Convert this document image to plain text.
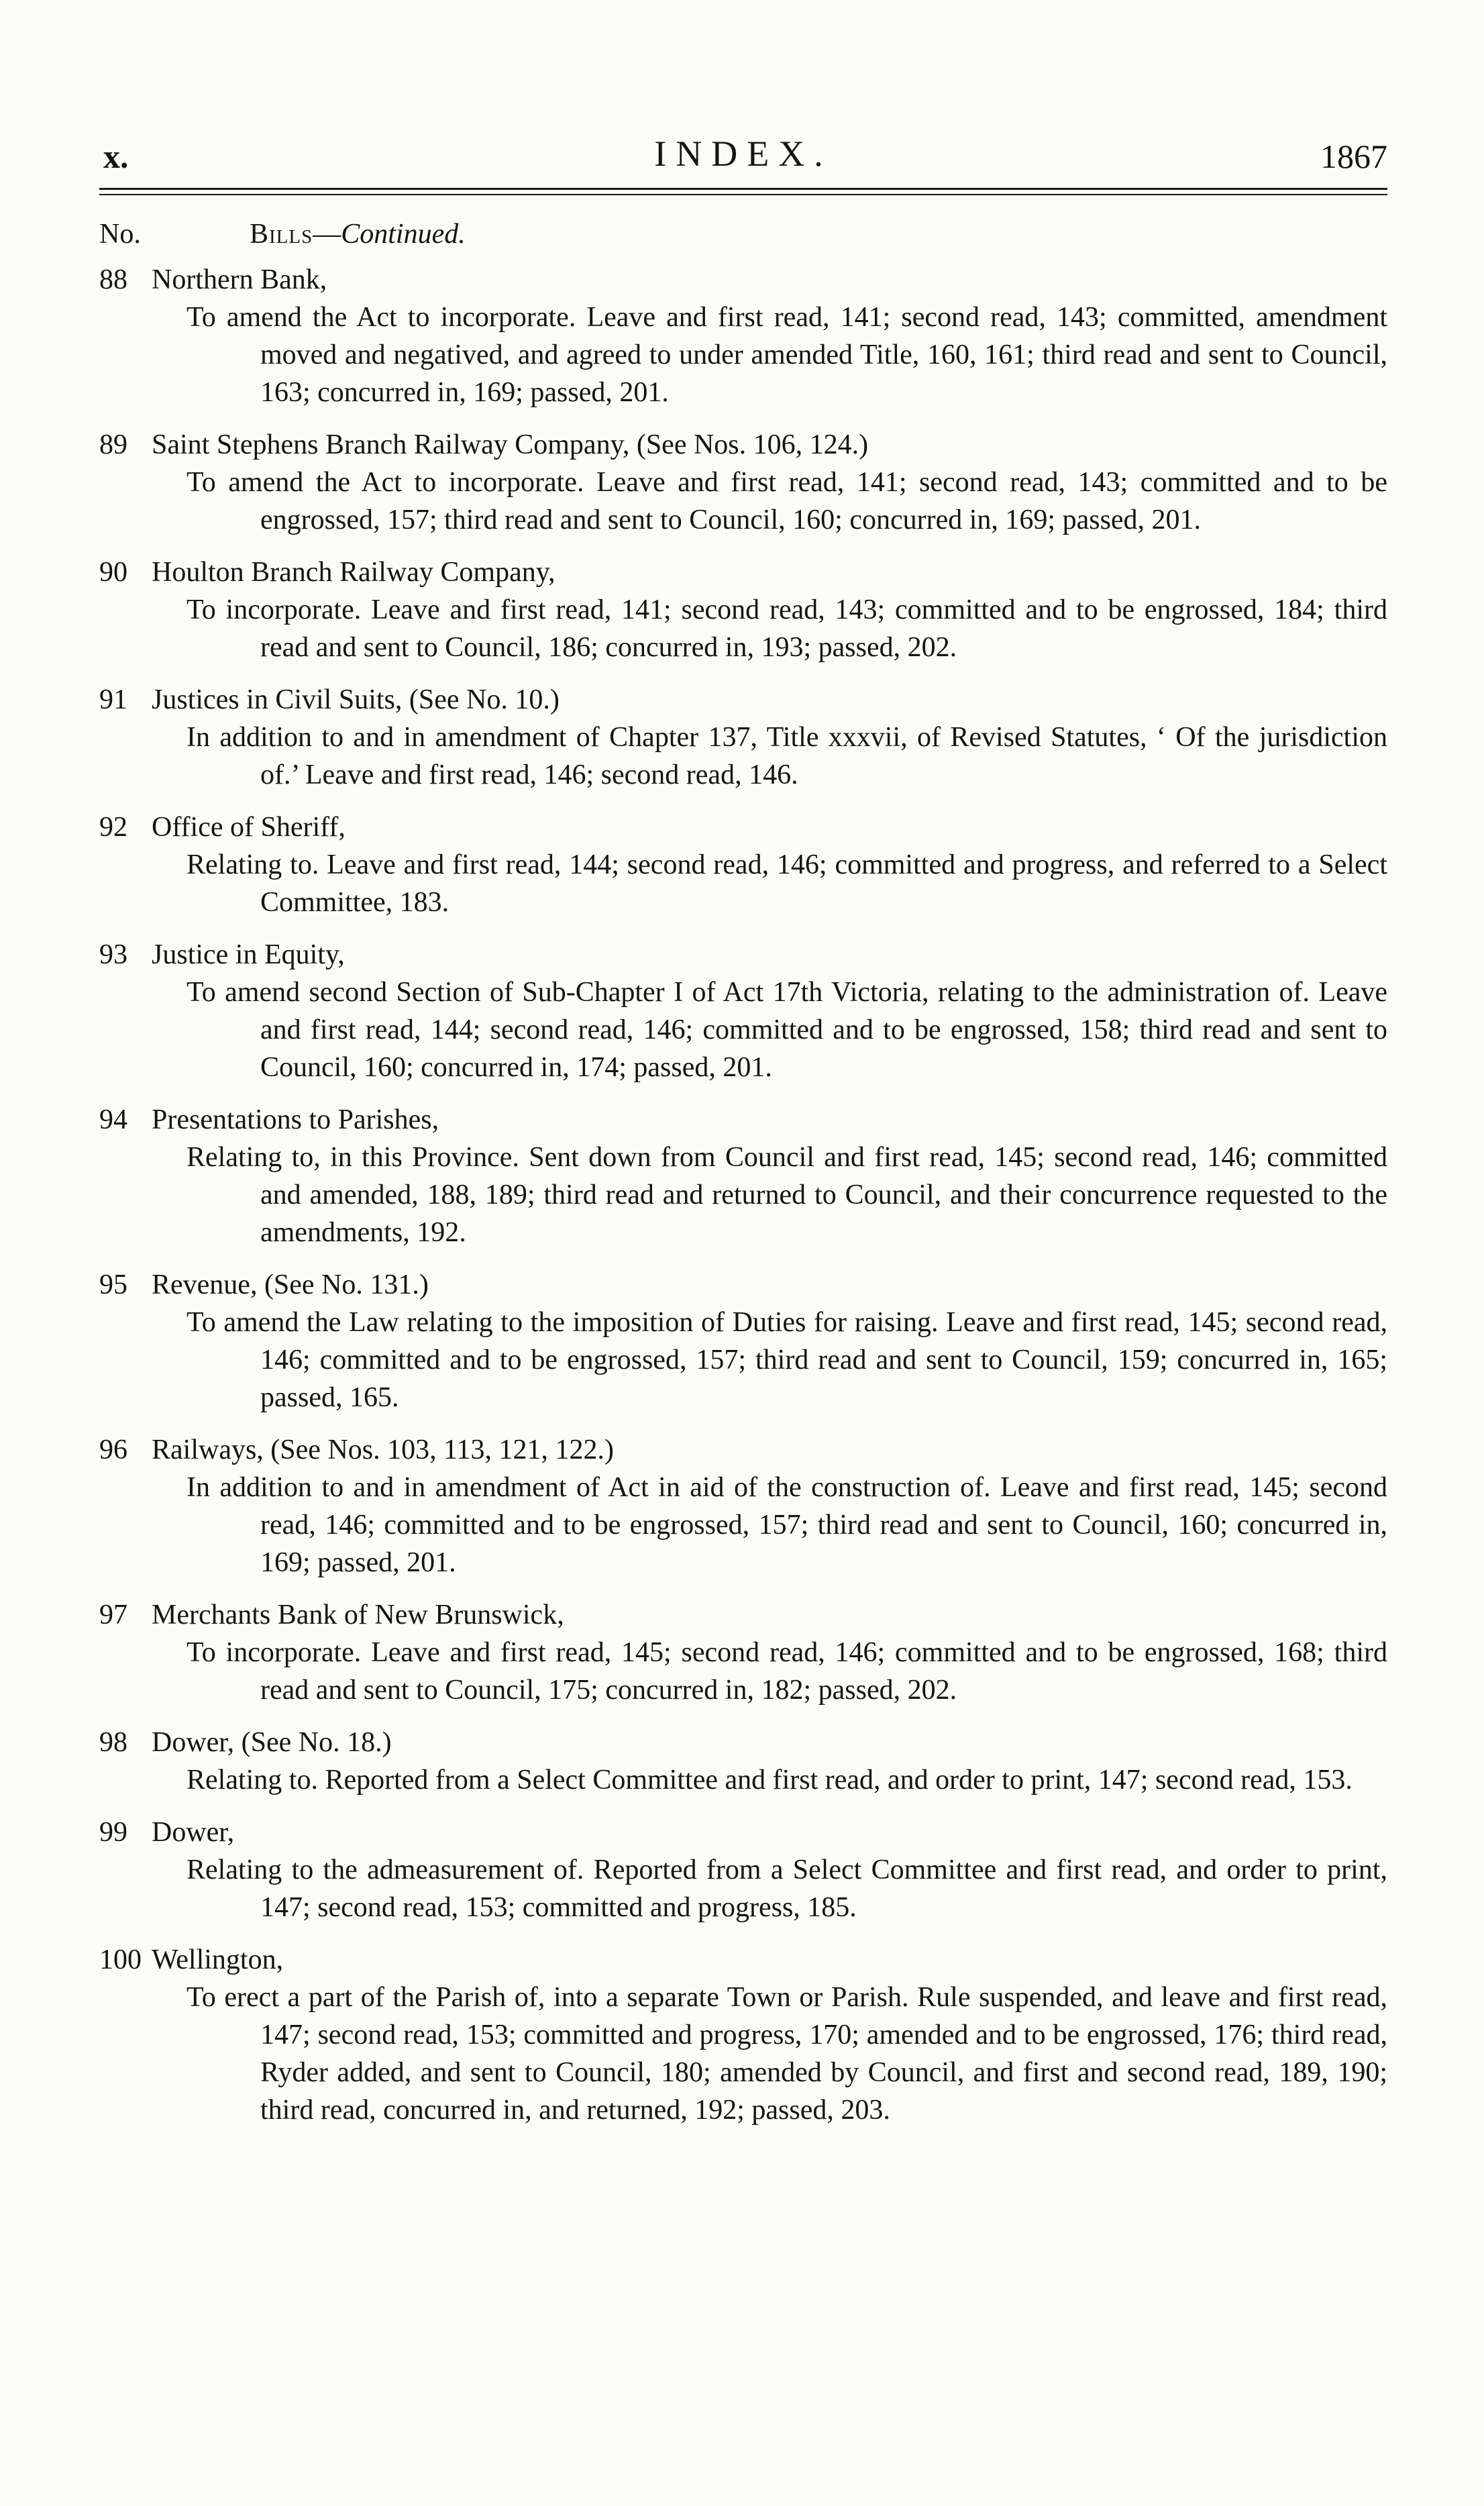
x.	INDEX.	1867
No.	Bills—Continued.
88 Northern Bank,
To amend the Act to incorporate. Leave and first read, 141; second read, 143; committed, amendment moved and negatived, and agreed to under amended Title, 160, 161; third read and sent to Council, 163; concurred in, 169; passed, 201.
89 Saint Stephens Branch Railway Company, (See Nos. 106, 124.)
To amend the Act to incorporate. Leave and first read, 141; second read, 143; committed and to be engrossed, 157; third read and sent to Council, 160; concurred in, 169; passed, 201.
90 Houlton Branch Railway Company,
To incorporate. Leave and first read, 141; second read, 143; committed and to be engrossed, 184; third read and sent to Council, 186; concurred in, 193; passed, 202.
91 Justices in Civil Suits, (See No. 10.)
In addition to and in amendment of Chapter 137, Title xxxvii, of Revised Statutes, ‘ Of the jurisdiction of.’ Leave and first read, 146; second read, 146.
92 Office of Sheriff,
Relating to. Leave and first read, 144; second read, 146; committed and progress, and referred to a Select Committee, 183.
93 Justice in Equity,
To amend second Section of Sub-Chapter I of Act 17th Victoria, relating to the administration of. Leave and first read, 144; second read, 146; committed and to be engrossed, 158; third read and sent to Council, 160; concurred in, 174; passed, 201.
94 Presentations to Parishes,
Relating to, in this Province. Sent down from Council and first read, 145; second read, 146; committed and amended, 188, 189; third read and returned to Council, and their concurrence requested to the amendments, 192.
95 Revenue, (See No. 131.)
To amend the Law relating to the imposition of Duties for raising. Leave and first read, 145; second read, 146; committed and to be engrossed, 157; third read and sent to Council, 159; concurred in, 165; passed, 165.
96 Railways, (See Nos. 103, 113, 121, 122.)
In addition to and in amendment of Act in aid of the construction of. Leave and first read, 145; second read, 146; committed and to be engrossed, 157; third read and sent to Council, 160; concurred in, 169; passed, 201.
97 Merchants Bank of New Brunswick,
To incorporate. Leave and first read, 145; second read, 146; committed and to be engrossed, 168; third read and sent to Council, 175; concurred in, 182; passed, 202.
98 Dower, (See No. 18.)
Relating to. Reported from a Select Committee and first read, and order to print, 147; second read, 153.
99 Dower,
Relating to the admeasurement of. Reported from a Select Committee and first read, and order to print, 147; second read, 153; committed and progress, 185.
100 Wellington,
To erect a part of the Parish of, into a separate Town or Parish. Rule suspended, and leave and first read, 147; second read, 153; committed and progress, 170; amended and to be engrossed, 176; third read, Ryder added, and sent to Council, 180; amended by Council, and first and second read, 189, 190; third read, concurred in, and returned, 192; passed, 203.
